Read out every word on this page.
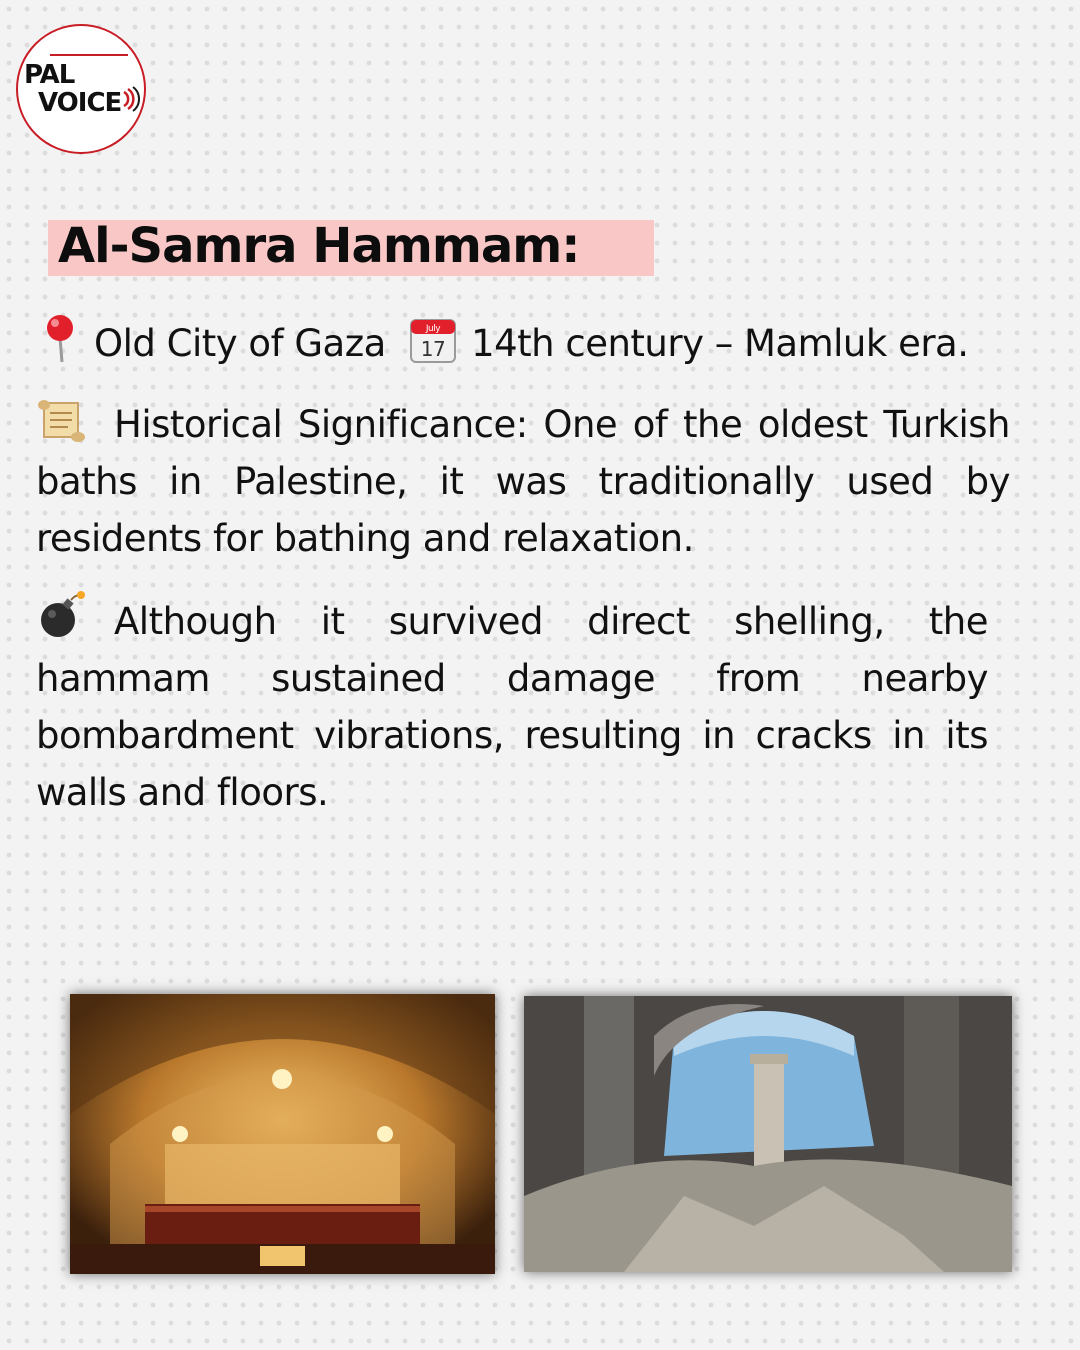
PAL
VOICE
Al-Samra Hammam:
Old City of Gaza	July
17 14th century – Mamluk era.
Historical Significance: One of the oldest Turkish baths in Palestine, it was traditionally used by residents for bathing and relaxation.
Although it survived direct shelling, the hammam sustained damage from nearby bombardment vibrations, resulting in cracks in its walls and floors.
